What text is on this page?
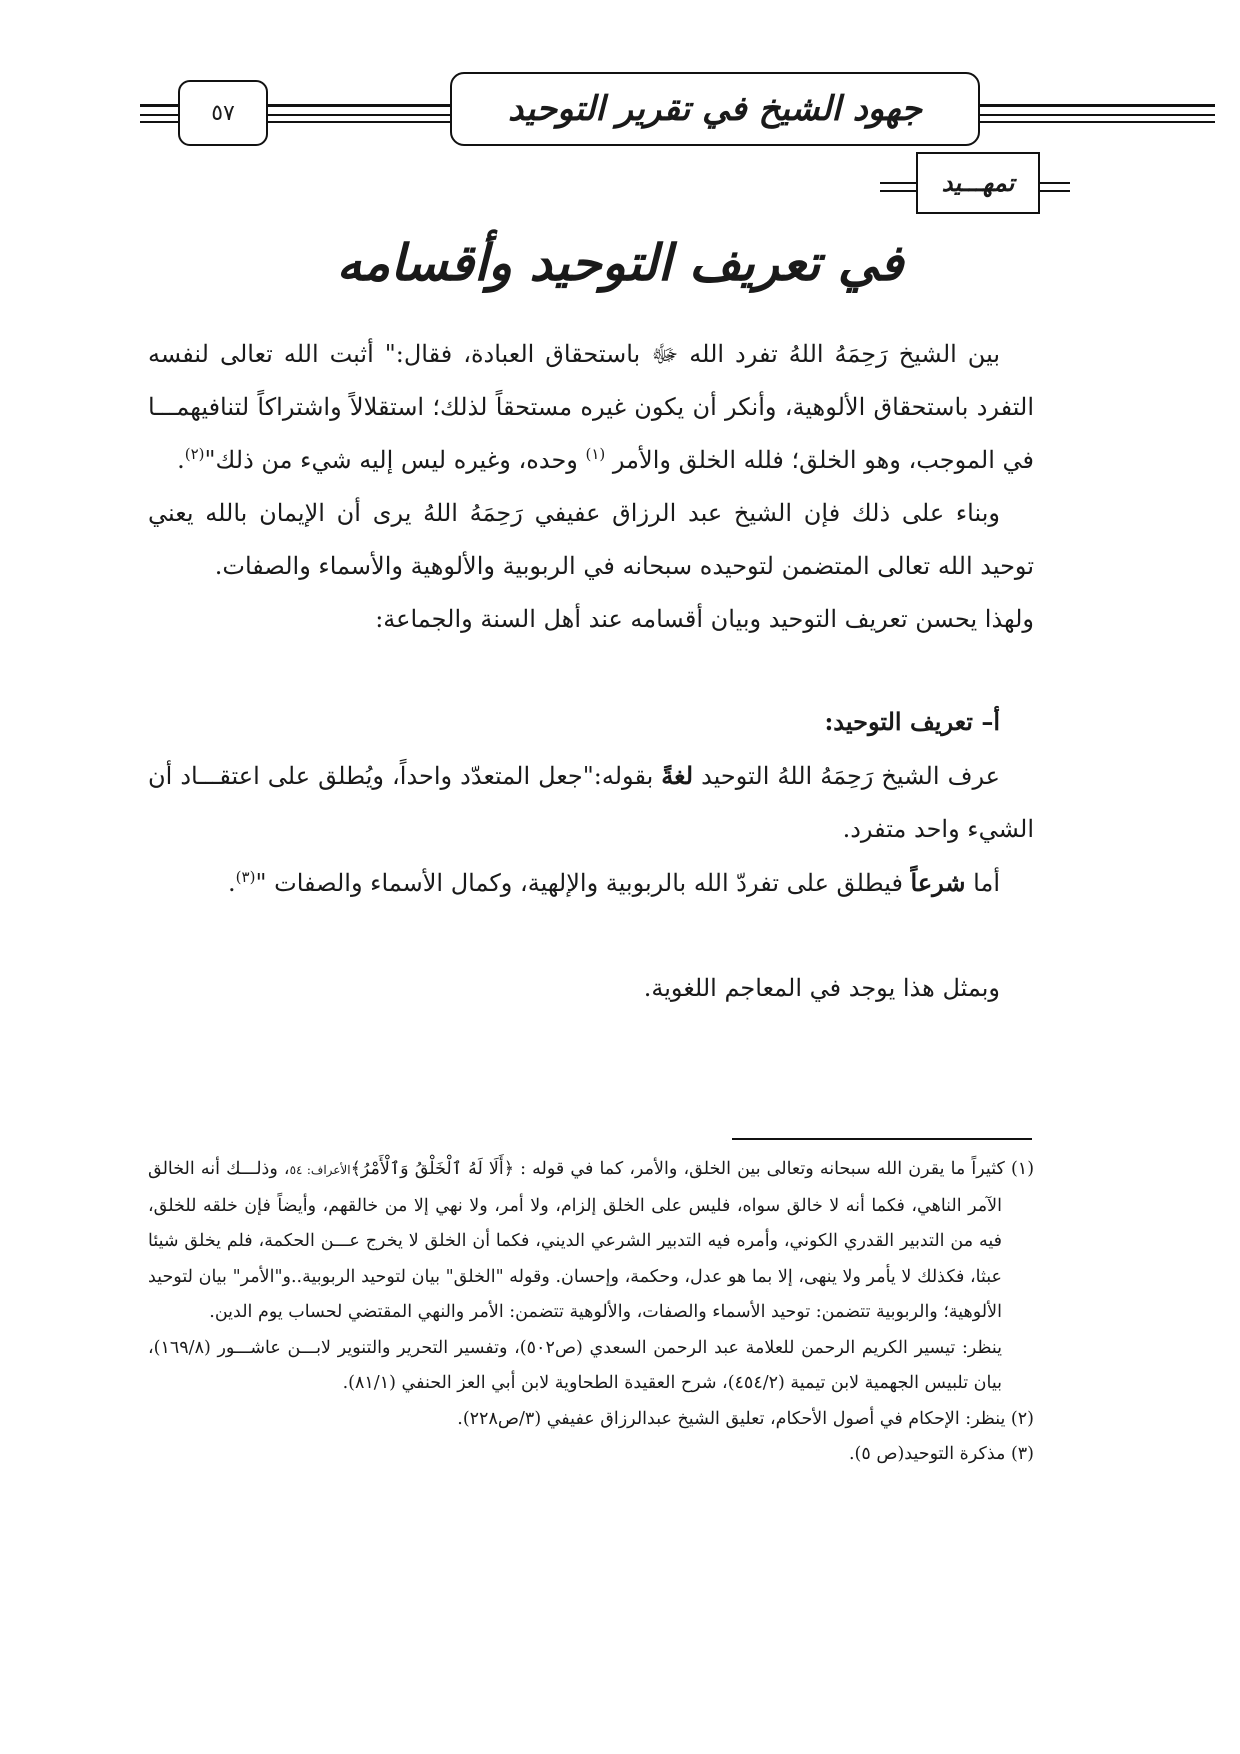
٥٧	جهود الشيخ في تقرير التوحيد
تمهـــيد
في تعريف التوحيد وأقسامه

بين الشيخ رَحِمَهُ اللهُ تفرد الله ﷻ باستحقاق العبادة، فقال:" أثبت الله تعالى لنفسه التفرد باستحقاق الألوهية، وأنكر أن يكون غيره مستحقاً لذلك؛ استقلالاً واشتراكاً لتنافيهمـــا في الموجب، وهو الخلق؛ فلله الخلق والأمر $^{(١)}$ وحده، وغيره ليس إليه شيء من ذلك"$^{(٢)}$.

وبناء على ذلك فإن الشيخ عبد الرزاق عفيفي رَحِمَهُ اللهُ يرى أن الإيمان بالله يعني توحيد الله تعالى المتضمن لتوحيده سبحانه في الربوبية والألوهية والأسماء والصفات.

ولهذا يحسن تعريف التوحيد وبيان أقسامه عند أهل السنة والجماعة:

أ– تعريف التوحيد:

عرف الشيخ رَحِمَهُ اللهُ التوحيد لغةً بقوله:"جعل المتعدّد واحداً، ويُطلق على اعتقـــاد أن الشيء واحد متفرد.

أما شرعاً فيطلق على تفردّ الله بالربوبية والإلهية، وكمال الأسماء والصفات "$^{(٣)}$.

وبمثل هذا يوجد في المعاجم اللغوية.

(١) كثيراً ما يقرن الله سبحانه وتعالى بين الخلق، والأمر، كما في قوله : ﴿أَلَا لَهُ ٱلْخَلْقُ وَٱلْأَمْرُ﴾الأعراف: ٥٤، وذلـــك أنه الخالق الآمر الناهي، فكما أنه لا خالق سواه، فليس على الخلق إلزام، ولا أمر، ولا نهي إلا من خالقهم، وأيضاً فإن خلقه للخلق، فيه من التدبير القدري الكوني، وأمره فيه التدبير الشرعي الديني، فكما أن الخلق لا يخرج عـــن الحكمة، فلم يخلق شيئا عبثا، فكذلك لا يأمر ولا ينهى، إلا بما هو عدل، وحكمة، وإحسان. وقوله "الخلق" بيان لتوحيد الربوبية..و"الأمر" بيان لتوحيد الألوهية؛ والربوبية تتضمن: توحيد الأسماء والصفات، والألوهية تتضمن: الأمر والنهي المقتضي لحساب يوم الدين.

ينظر: تيسير الكريم الرحمن للعلامة عبد الرحمن السعدي (ص٥٠٢)، وتفسير التحرير والتنوير لابـــن عاشـــور (١٦٩/٨)، بيان تلبيس الجهمية لابن تيمية (٤٥٤/٢)، شرح العقيدة الطحاوية لابن أبي العز الحنفي (٨١/١).

(٢) ينظر: الإحكام في أصول الأحكام، تعليق الشيخ عبدالرزاق عفيفي (٣/ص٢٢٨).

(٣) مذكرة التوحيد(ص ٥).
